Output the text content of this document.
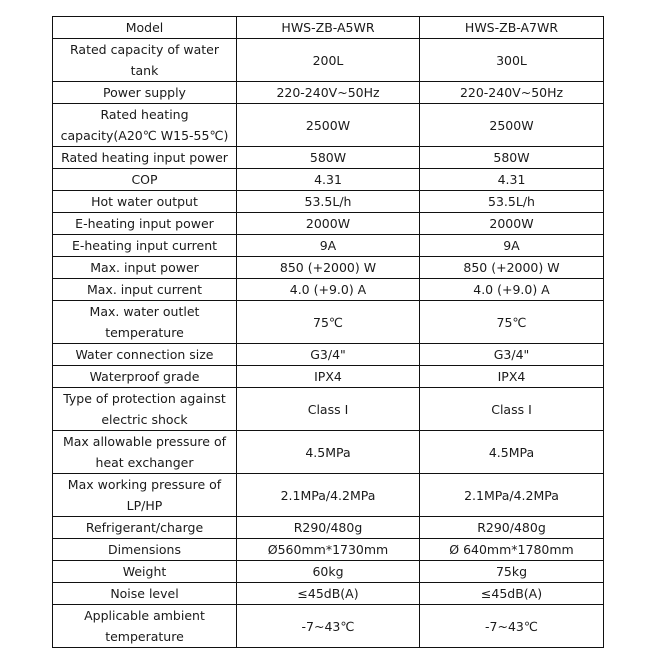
Model	HWS-ZB-A5WR	HWS-ZB-A7WR
Rated capacity of water tank	200L	300L
Power supply	220-240V~50Hz	220-240V~50Hz
Rated heating capacity(A20℃ W15-55℃)	2500W	2500W
Rated heating input power	580W	580W
COP	4.31	4.31
Hot water output	53.5L/h	53.5L/h
E-heating input power	2000W	2000W
E-heating input current	9A	9A
Max. input power	850 (+2000) W	850 (+2000) W
Max. input current	4.0 (+9.0) A	4.0 (+9.0) A
Max. water outlet temperature	75℃	75℃
Water connection size	G3/4"	G3/4"
Waterproof grade	IPX4	IPX4
Type of protection against electric shock	Class I	Class I
Max allowable pressure of heat exchanger	4.5MPa	4.5MPa
Max working pressure of LP/HP	2.1MPa/4.2MPa	2.1MPa/4.2MPa
Refrigerant/charge	R290/480g	R290/480g
Dimensions	Ø560mm*1730mm	Ø 640mm*1780mm
Weight	60kg	75kg
Noise level	≤45dB(A)	≤45dB(A)
Applicable ambient temperature	-7~43℃	-7~43℃
